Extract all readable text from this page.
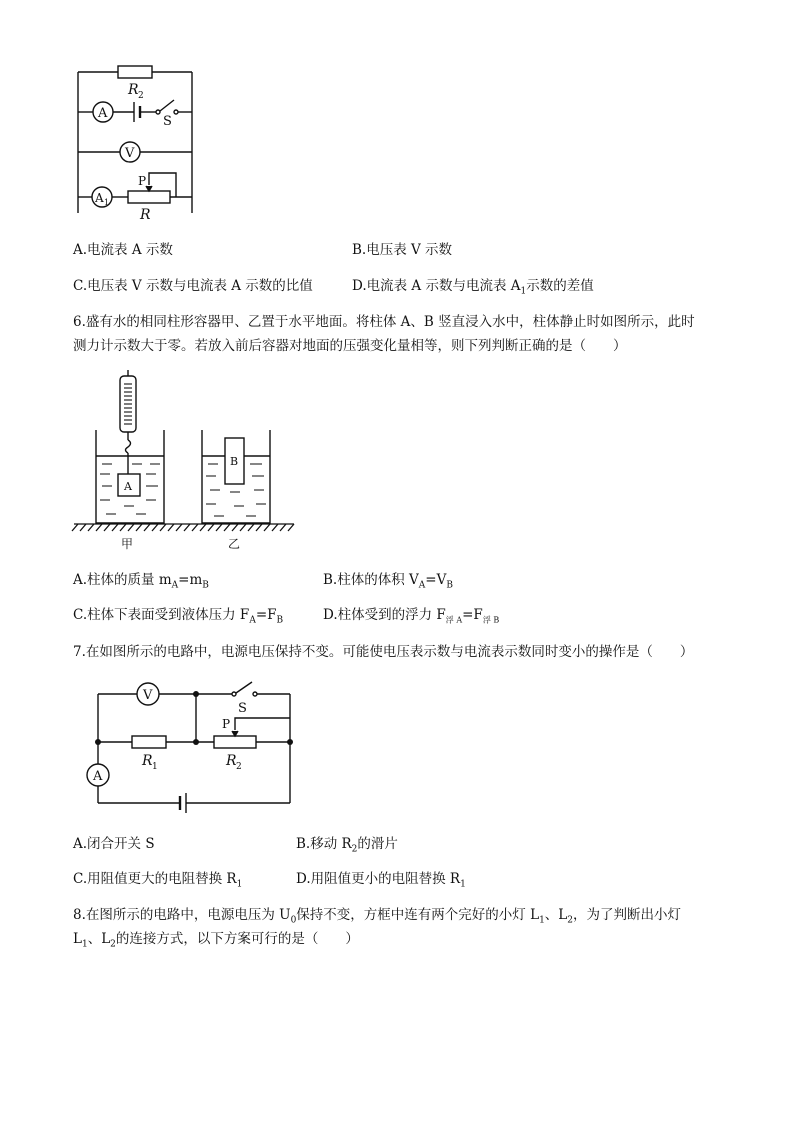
R 2
S
A
V
A 1
P
R
A.电流表 A 示数	B.电压表 V 示数
C.电压表 V 示数与电流表 A 示数的比值	D.电流表 A 示数与电流表 $A_1$示数的差值
6.盛有水的相同柱形容器甲、乙置于水平地面。将柱体 A、B 竖直浸入水中，柱体静止时如图所示，此时
测力计示数大于零。若放入前后容器对地面的压强变化量相等，则下列判断正确的是（　　）
A
B
甲	乙
A.柱体的质量 $m_A=m_B$	B.柱体的体积 $V_A=V_B$
C.柱体下表面受到液体压力 $F_A=F_B$	D.柱体受到的浮力 $F_{浮 A}=F_{浮 B}$
7.在如图所示的电路中，电源电压保持不变。可能使电压表示数与电流表示数同时变小的操作是（　　）
V
S
P
A
R 1	R 2
A.闭合开关 S	B.移动 $R_2$的滑片
C.用阻值更大的电阻替换 $R_1$	D.用阻值更小的电阻替换 $R_1$
8.在图所示的电路中，电源电压为 $U_0$保持不变，方框中连有两个完好的小灯 $L_1$、$L_2$，为了判断出小灯
$L_1$、$L_2$的连接方式，以下方案可行的是（　　）
